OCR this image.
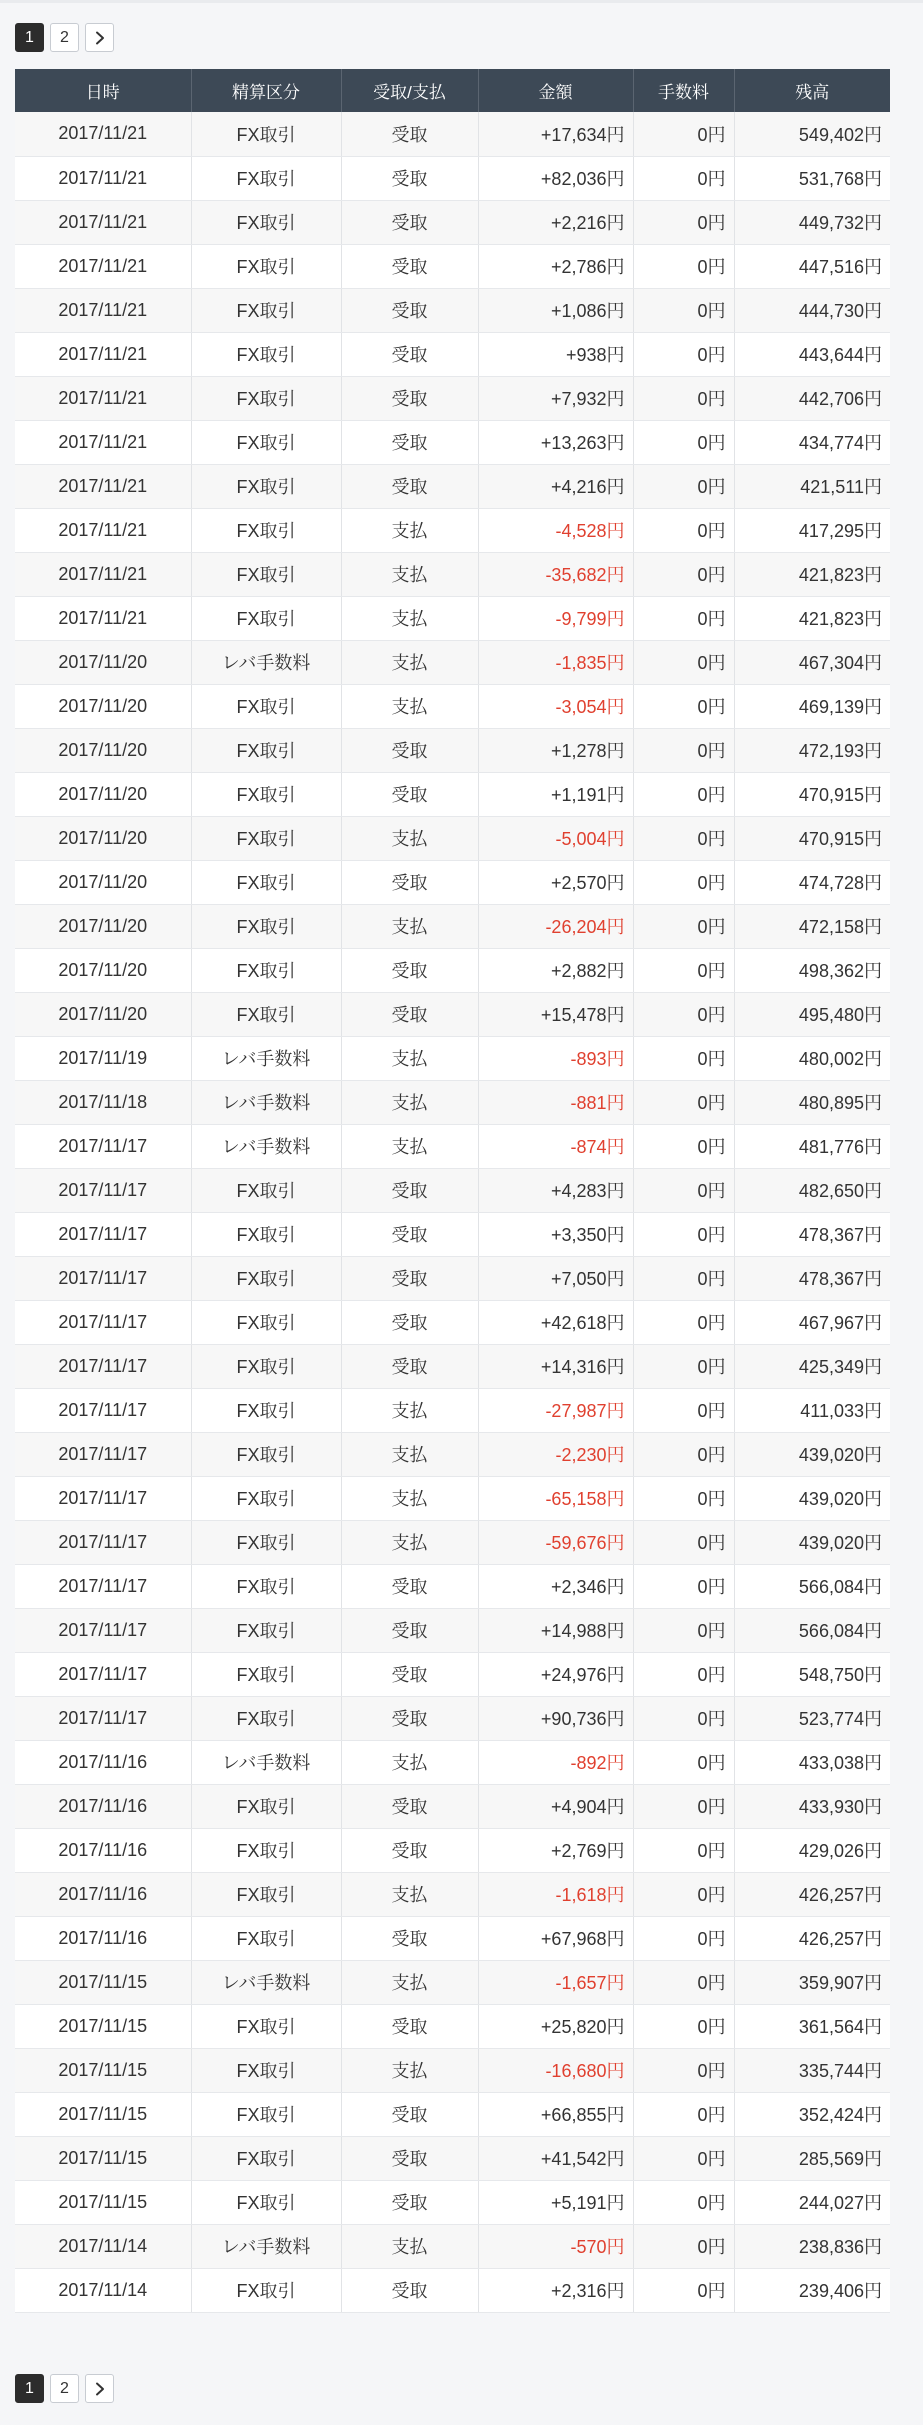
1	2
日時	精算区分	受取/支払	金額	手数料	残高
2017/11/21	FX取引	受取	+17,634円	0円	549,402円
2017/11/21	FX取引	受取	+82,036円	0円	531,768円
2017/11/21	FX取引	受取	+2,216円	0円	449,732円
2017/11/21	FX取引	受取	+2,786円	0円	447,516円
2017/11/21	FX取引	受取	+1,086円	0円	444,730円
2017/11/21	FX取引	受取	+938円	0円	443,644円
2017/11/21	FX取引	受取	+7,932円	0円	442,706円
2017/11/21	FX取引	受取	+13,263円	0円	434,774円
2017/11/21	FX取引	受取	+4,216円	0円	421,511円
2017/11/21	FX取引	支払	-4,528円	0円	417,295円
2017/11/21	FX取引	支払	-35,682円	0円	421,823円
2017/11/21	FX取引	支払	-9,799円	0円	421,823円
2017/11/20	レバ手数料	支払	-1,835円	0円	467,304円
2017/11/20	FX取引	支払	-3,054円	0円	469,139円
2017/11/20	FX取引	受取	+1,278円	0円	472,193円
2017/11/20	FX取引	受取	+1,191円	0円	470,915円
2017/11/20	FX取引	支払	-5,004円	0円	470,915円
2017/11/20	FX取引	受取	+2,570円	0円	474,728円
2017/11/20	FX取引	支払	-26,204円	0円	472,158円
2017/11/20	FX取引	受取	+2,882円	0円	498,362円
2017/11/20	FX取引	受取	+15,478円	0円	495,480円
2017/11/19	レバ手数料	支払	-893円	0円	480,002円
2017/11/18	レバ手数料	支払	-881円	0円	480,895円
2017/11/17	レバ手数料	支払	-874円	0円	481,776円
2017/11/17	FX取引	受取	+4,283円	0円	482,650円
2017/11/17	FX取引	受取	+3,350円	0円	478,367円
2017/11/17	FX取引	受取	+7,050円	0円	478,367円
2017/11/17	FX取引	受取	+42,618円	0円	467,967円
2017/11/17	FX取引	受取	+14,316円	0円	425,349円
2017/11/17	FX取引	支払	-27,987円	0円	411,033円
2017/11/17	FX取引	支払	-2,230円	0円	439,020円
2017/11/17	FX取引	支払	-65,158円	0円	439,020円
2017/11/17	FX取引	支払	-59,676円	0円	439,020円
2017/11/17	FX取引	受取	+2,346円	0円	566,084円
2017/11/17	FX取引	受取	+14,988円	0円	566,084円
2017/11/17	FX取引	受取	+24,976円	0円	548,750円
2017/11/17	FX取引	受取	+90,736円	0円	523,774円
2017/11/16	レバ手数料	支払	-892円	0円	433,038円
2017/11/16	FX取引	受取	+4,904円	0円	433,930円
2017/11/16	FX取引	受取	+2,769円	0円	429,026円
2017/11/16	FX取引	支払	-1,618円	0円	426,257円
2017/11/16	FX取引	受取	+67,968円	0円	426,257円
2017/11/15	レバ手数料	支払	-1,657円	0円	359,907円
2017/11/15	FX取引	受取	+25,820円	0円	361,564円
2017/11/15	FX取引	支払	-16,680円	0円	335,744円
2017/11/15	FX取引	受取	+66,855円	0円	352,424円
2017/11/15	FX取引	受取	+41,542円	0円	285,569円
2017/11/15	FX取引	受取	+5,191円	0円	244,027円
2017/11/14	レバ手数料	支払	-570円	0円	238,836円
2017/11/14	FX取引	受取	+2,316円	0円	239,406円
1	2
